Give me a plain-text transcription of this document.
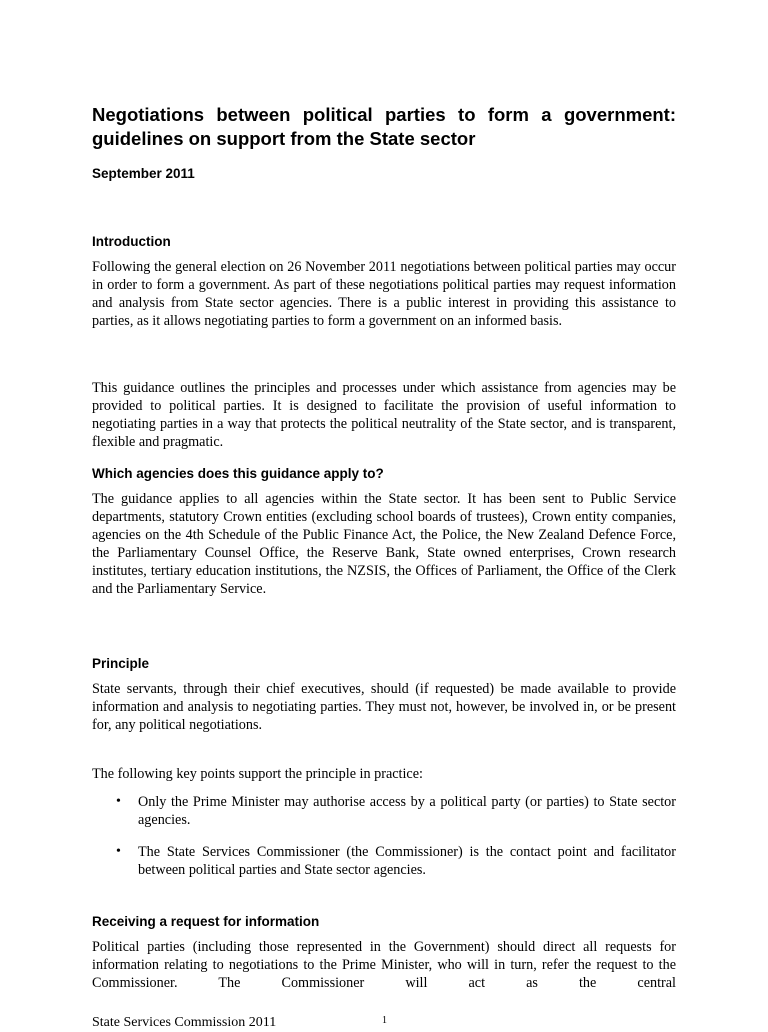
Negotiations between political parties to form a government: guidelines on support from the State sector

September 2011

Introduction

Following the general election on 26 November 2011 negotiations between political parties may occur in order to form a government. As part of these negotiations political parties may request information and analysis from State sector agencies. There is a public interest in providing this assistance to parties, as it allows negotiating parties to form a government on an informed basis.

This guidance outlines the principles and processes under which assistance from agencies may be provided to political parties. It is designed to facilitate the provision of useful information to negotiating parties in a way that protects the political neutrality of the State sector, and is transparent, flexible and pragmatic.

Which agencies does this guidance apply to?

The guidance applies to all agencies within the State sector. It has been sent to Public Service departments, statutory Crown entities (excluding school boards of trustees), Crown entity companies, agencies on the 4th Schedule of the Public Finance Act, the Police, the New Zealand Defence Force, the Parliamentary Counsel Office, the Reserve Bank, State owned enterprises, Crown research institutes, tertiary education institutions, the NZSIS, the Offices of Parliament, the Office of the Clerk and the Parliamentary Service.

Principle

State servants, through their chief executives, should (if requested) be made available to provide information and analysis to negotiating parties. They must not, however, be involved in, or be present for, any political negotiations.

The following key points support the principle in practice:

• Only the Prime Minister may authorise access by a political party (or parties) to State sector agencies.
• The State Services Commissioner (the Commissioner) is the contact point and facilitator between political parties and State sector agencies.
Receiving a request for information

Political parties (including those represented in the Government) should direct all requests for information relating to negotiations to the Prime Minister, who will in turn, refer the request to the Commissioner. The Commissioner will act as the central

State Services Commission 2011	1
